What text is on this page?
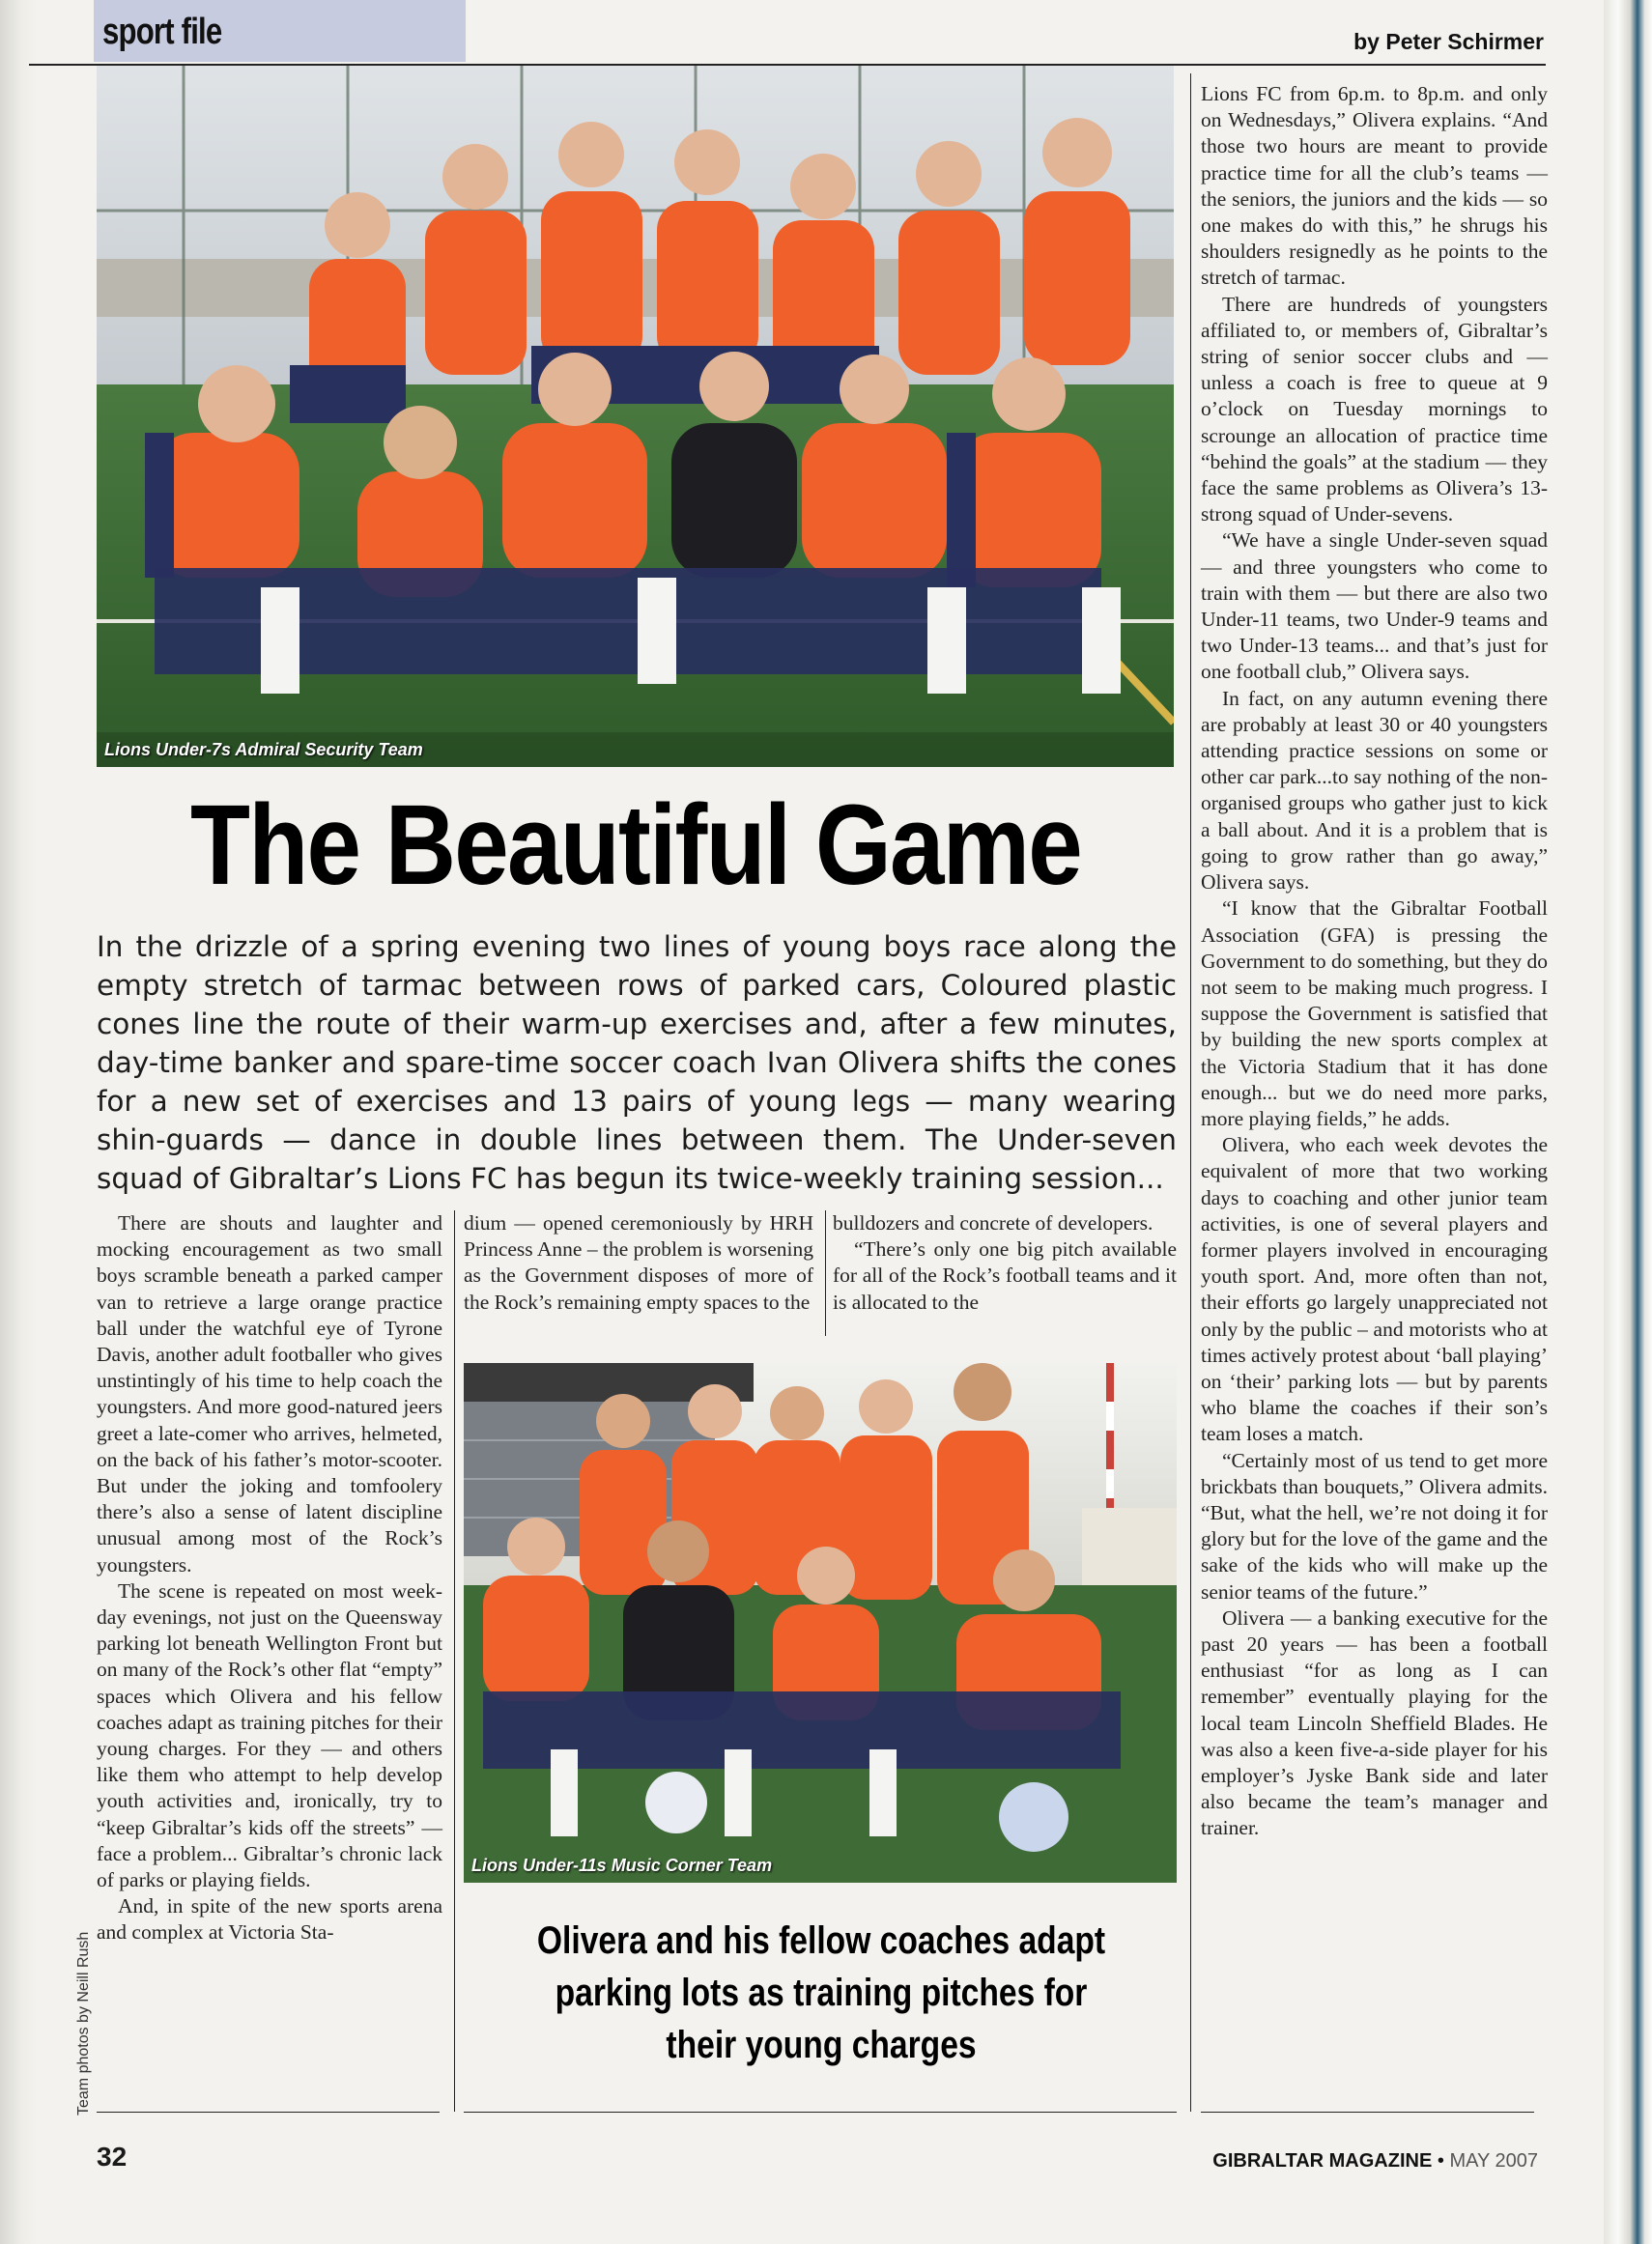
sport file	by Peter Schirmer
Lions Under-7s Admiral Security Team
The Beautiful Game
In the drizzle of a spring evening two lines of young boys race along the empty stretch of tarmac between rows of parked cars, Coloured plastic cones line the route of their warm-up exercises and, after a few minutes, day-time banker and spare-time soccer coach Ivan Olivera shifts the cones for a new set of exercises and 13 pairs of young legs — many wearing shin-guards — dance in double lines between them. The Under-seven squad of Gibraltar’s Lions FC has begun its twice-weekly training session...

There are shouts and laughter and mocking encouragement as two small boys scramble beneath a parked camper van to retrieve a large orange practice ball under the watchful eye of Tyrone Davis, another adult footballer who gives unstintingly of his time to help coach the youngsters. And more good-natured jeers greet a late-comer who arrives, helmeted, on the back of his father’s motor-scooter. But under the joking and tomfoolery there’s also a sense of latent discipline unusual among most of the Rock’s youngsters.

The scene is repeated on most week-day evenings, not just on the Queensway parking lot beneath Wellington Front but on many of the Rock’s other flat “empty” spaces which Olivera and his fellow coaches adapt as training pitches for their young charges. For they — and others like them who attempt to help develop youth activities and, ironically, try to “keep Gibraltar’s kids off the streets” — face a problem... Gibraltar’s chronic lack of parks or playing fields.

And, in spite of the new sports arena and complex at Victoria Sta-

Team photos by Neill Rush

dium — opened ceremoniously by HRH Princess Anne – the problem is worsening as the Government disposes of more of the Rock’s remaining empty spaces to the

bulldozers and concrete of developers.

“There’s only one big pitch available for all of the Rock’s football teams and it is allocated to the

Lions Under-11s Music Corner Team
Olivera and his fellow coaches adapt parking lots as training pitches for their young charges

Lions FC from 6p.m. to 8p.m. and only on Wednesdays,” Olivera explains. “And those two hours are meant to provide practice time for all the club’s teams — the seniors, the juniors and the kids — so one makes do with this,” he shrugs his shoulders resignedly as he points to the stretch of tarmac.

There are hundreds of youngsters affiliated to, or members of, Gibraltar’s string of senior soccer clubs and — unless a coach is free to queue at 9 o’clock on Tuesday mornings to scrounge an allocation of practice time “behind the goals” at the stadium — they face the same problems as Olivera’s 13-strong squad of Under-sevens.

“We have a single Under-seven squad — and three youngsters who come to train with them — but there are also two Under-11 teams, two Under-9 teams and two Under-13 teams... and that’s just for one football club,” Olivera says.

In fact, on any autumn evening there are probably at least 30 or 40 youngsters attending practice sessions on some or other car park...to say nothing of the non-organised groups who gather just to kick a ball about. And it is a problem that is going to grow rather than go away,” Olivera says.

“I know that the Gibraltar Football Association (GFA) is pressing the Government to do something, but they do not seem to be making much progress. I suppose the Government is satisfied that by building the new sports complex at the Victoria Stadium that it has done enough... but we do need more parks, more playing fields,” he adds.

Olivera, who each week devotes the equivalent of more that two working days to coaching and other junior team activities, is one of several players and former players involved in encouraging youth sport. And, more often than not, their efforts go largely unappreciated not only by the public – and motorists who at times actively protest about ‘ball playing’ on ‘their’ parking lots — but by parents who blame the coaches if their son’s team loses a match.

“Certainly most of us tend to get more brickbats than bouquets,” Olivera admits. “But, what the hell, we’re not doing it for glory but for the love of the game and the sake of the kids who will make up the senior teams of the future.”

Olivera — a banking executive for the past 20 years — has been a football enthusiast “for as long as I can remember” eventually playing for the local team Lincoln Sheffield Blades. He was also a keen five-a-side player for his employer’s Jyske Bank side and later also became the team’s manager and trainer.

32	GIBRALTAR MAGAZINE • MAY 2007
